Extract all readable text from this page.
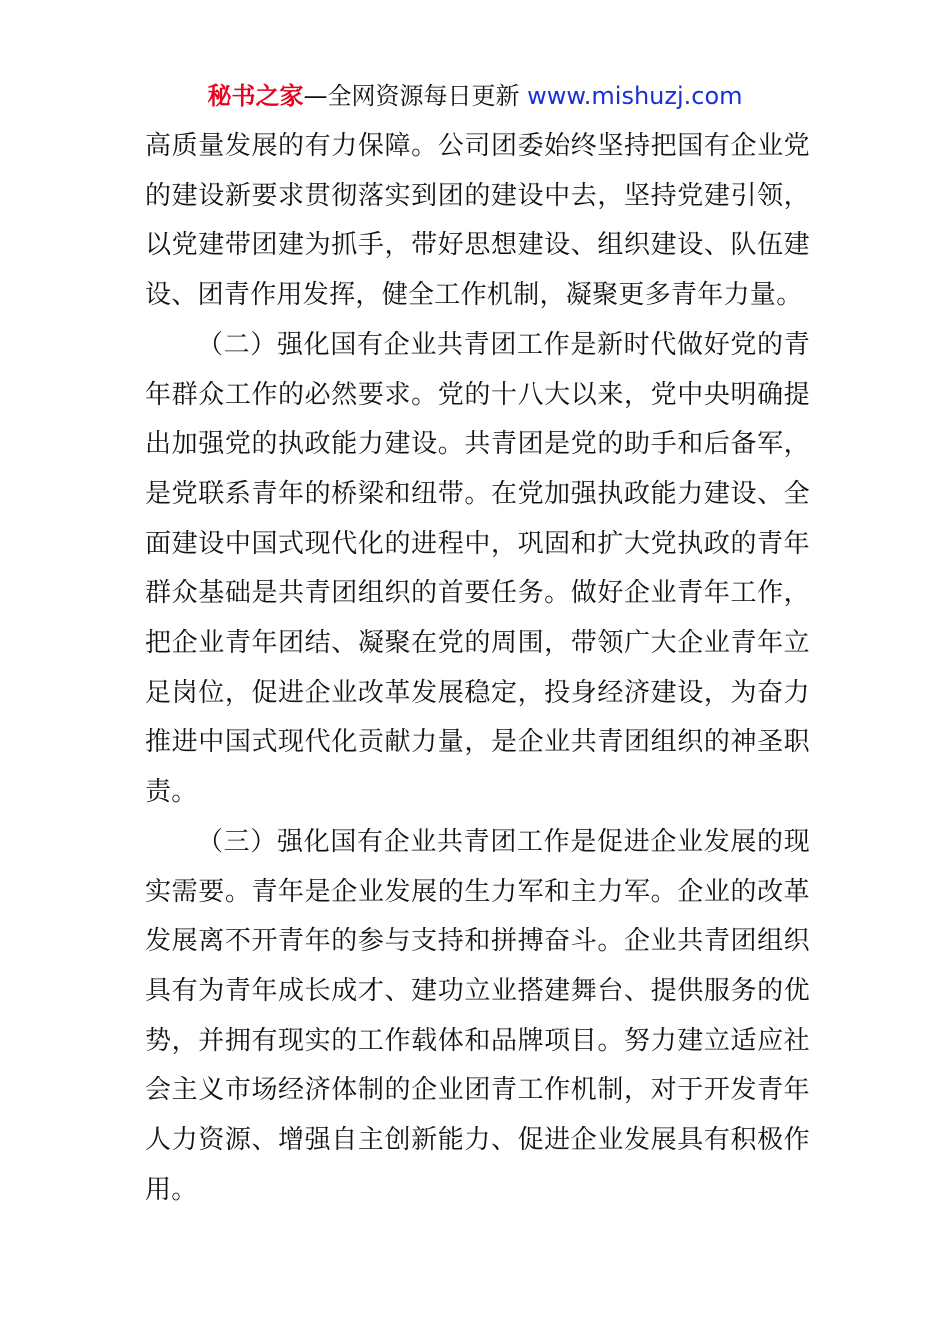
秘书之家—全网资源每日更新 www.mishuzj.com

高质量发展的有力保障。公司团委始终坚持把国有企业党的建设新要求贯彻落实到团的建设中去，坚持党建引领，以党建带团建为抓手，带好思想建设、组织建设、队伍建设、团青作用发挥，健全工作机制，凝聚更多青年力量。

（二）强化国有企业共青团工作是新时代做好党的青年群众工作的必然要求。党的十八大以来，党中央明确提出加强党的执政能力建设。共青团是党的助手和后备军，是党联系青年的桥梁和纽带。在党加强执政能力建设、全面建设中国式现代化的进程中，巩固和扩大党执政的青年群众基础是共青团组织的首要任务。做好企业青年工作，把企业青年团结、凝聚在党的周围，带领广大企业青年立足岗位，促进企业改革发展稳定，投身经济建设，为奋力推进中国式现代化贡献力量，是企业共青团组织的神圣职责。

（三）强化国有企业共青团工作是促进企业发展的现实需要。青年是企业发展的生力军和主力军。企业的改革发展离不开青年的参与支持和拼搏奋斗。企业共青团组织具有为青年成长成才、建功立业搭建舞台、提供服务的优势，并拥有现实的工作载体和品牌项目。努力建立适应社会主义市场经济体制的企业团青工作机制，对于开发青年人力资源、增强自主创新能力、促进企业发展具有积极作用。
